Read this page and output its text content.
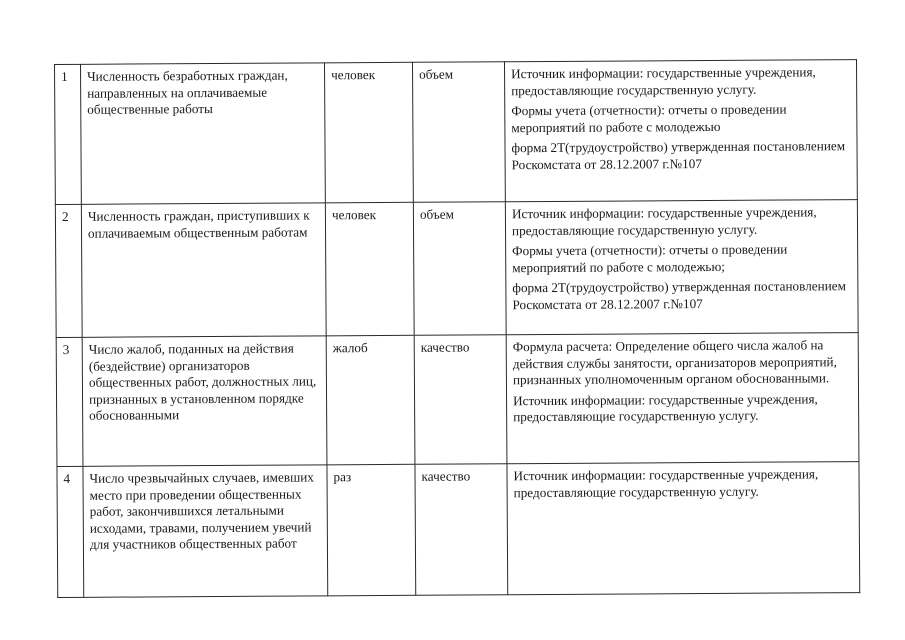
1	Численность безработных граждан, направленных на оплачиваемые общественные работы	человек	объем	Источник информации: государственные учреждения, предоставляющие государственную услугу.

Формы учета (отчетности): отчеты о проведении мероприятий по работе с молодежью

форма 2Т(трудоустройство) утвержденная постановлением Роскомстата от 28.12.2007 г.№107

2	Численность граждан, приступивших к оплачиваемым общественным работам	человек	объем	Источник информации: государственные учреждения, предоставляющие государственную услугу.

Формы учета (отчетности): отчеты о проведении мероприятий по работе с молодежью;

форма 2Т(трудоустройство) утвержденная постановлением Роскомстата от 28.12.2007 г.№107

3	Число жалоб, поданных на действия (бездействие) организаторов общественных работ, должностных лиц, признанных в установленном порядке обоснованными	жалоб	качество	Формула расчета: Определение общего числа жалоб на действия службы занятости, организаторов мероприятий, признанных уполномоченным органом обоснованными.

Источник информации: государственные учреждения, предоставляющие государственную услугу.

4	Число чрезвычайных случаев, имевших место при проведении общественных работ, закончившихся летальными исходами, травами, получением увечий для участников общественных работ	раз	качество	Источник информации: государственные учреждения, предоставляющие государственную услугу.
